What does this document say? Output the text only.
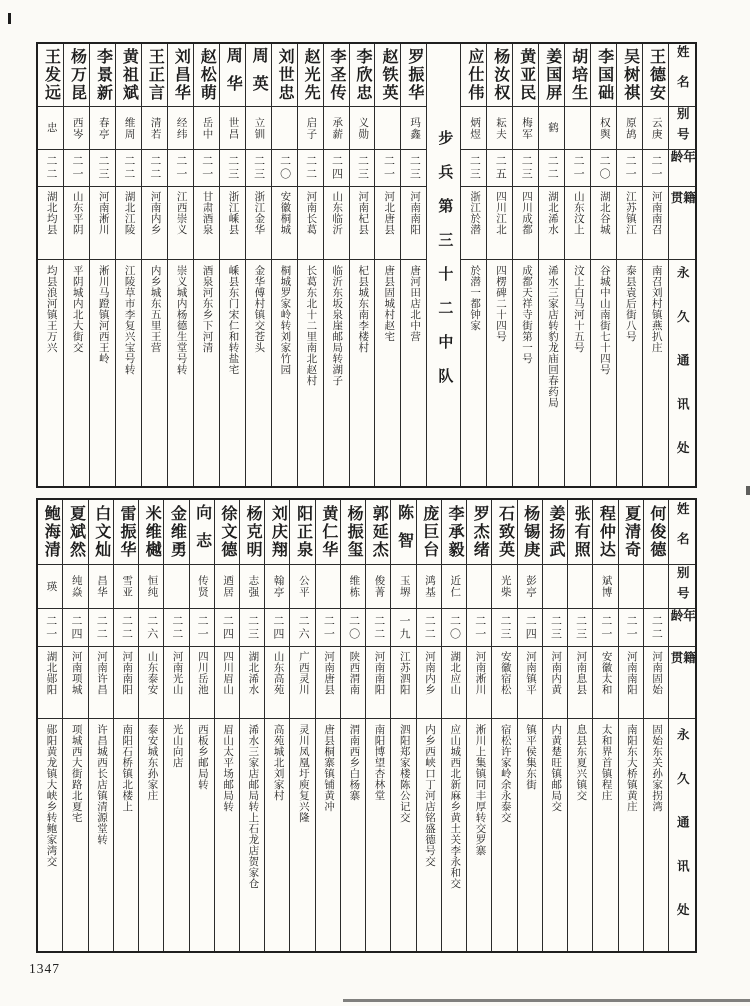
姓名
别号
年龄
籍贯
永久通讯处
王德安
云庚
二一
河南南召
南召刘村镇燕扒庄
吴树祺
原鸪
二一
江苏镇江
泰县袁后街八号
李国础
权舆
二〇
湖北谷城
谷城中山南街七十四号
胡培生
二一
山东汶上
汶上白马河十五号
姜国屏
鹤
二二
湖北浠水
浠水三家店转豹龙庙回春药局
黄亚民
梅军
二三
四川成都
成都天祥寺街第一号
杨汝权
耘夫
二五
四川江北
四楞碑二十四号
应仕伟
炳煜
二三
浙江於潜
於潜一都钟家
步兵第三十二中队
罗振华
玛鑫
二三
河南南阳
唐河田店北中营
赵铁英
二一
河北唐县
唐县固城村赵宅
李欣忠
义勋
二三
河南杞县
杞县城东南李楼村
李圣传
承薪
二四
山东临沂
临沂东坂泉崖邮局转湖子
赵光先
启子
二二
河南长葛
长葛东北十二里南北赵村
刘世忠
二〇
安徽桐城
桐城罗家岭转刘家竹园
周英
立钏
二三
浙江金华
金华傅村镇交苍头
周华
世昌
二三
浙江嵊县
嵊县东门宋仁和转盐宅
赵松萌
岳中
二一
甘肃酒泉
酒泉河东乡下河清
刘昌华
经纬
二一
江西崇义
崇义城内杨德生堂号转
王正言
清若
二二
河南内乡
内乡城东五里王营
黄祖斌
维周
二二
湖北江陵
江陵草市李复兴宝号转
李景新
春亭
二三
河南淅川
淅川马蹬镇河西王岭
杨万昆
西岑
二一
山东平阴
平阴城内北大街交
王发远
忠
二二
湖北均县
均县浪河镇王万兴
姓名
别号
年龄
籍贯
永久通讯处
何俊德
二二
河南固始
固始东关孙家拐湾
夏清奇
二一
河南南阳
南阳东大桥镇黄庄
程仲达
斌博
二一
安徽太和
太和界首镇程庄
张有照
二三
河南息县
息县东夏兴镇交
姜扬武
二三
河南内黄
内黄楚旺镇邮局交
杨锡庚
彭亭
二四
河南镇平
镇平侯集东街
石致英
光柴
二三
安徽宿松
宿松许家岭余永泰交
罗杰绪
二一
河南淅川
淅川上集镇同丰厚转交罗寨
李承毅
近仁
二〇
湖北应山
应山城西北新麻乡黄土关李永和交
庞巨台
鸿基
二二
河南内乡
内乡西峡口丁河店铭盛德号交
陈智
玉堺
一九
江苏泗阳
泗阳郑家楼陈公记交
郭延杰
俊菁
二二
河南南阳
南阳博望杏林堂
杨振玺
维栋
二〇
陕西渭南
渭南西乡白杨寨
黄仁华
二一
河南唐县
唐县桐寨镇铺黄冲
阳正泉
公平
二六
广西灵川
灵川凤凰圩庾复兴隆
刘庆翔
翰亭
二四
山东高苑
高苑城北刘家村
杨克明
志强
二三
湖北浠水
浠水三家店邮局转上石龙店贺家仓
徐文德
迺居
二四
四川眉山
眉山太平场邮局转
向志
传贤
二一
四川岳池
西板乡邮局转
金维勇
二二
河南光山
光山向店
米维樾
恒纯
二六
山东泰安
泰安城东孙家庄
雷振华
雪亚
二二
河南南阳
南阳石桥镇北楼上
白文灿
昌华
二二
河南许昌
许昌城西长店镇清源堂转
夏斌然
纯焱
二四
河南项城
项城西大街路北夏宅
鲍海清
瑛
二一
湖北郧阳
郧阳黄龙镇大峡乡转鲍家湾交
1347
